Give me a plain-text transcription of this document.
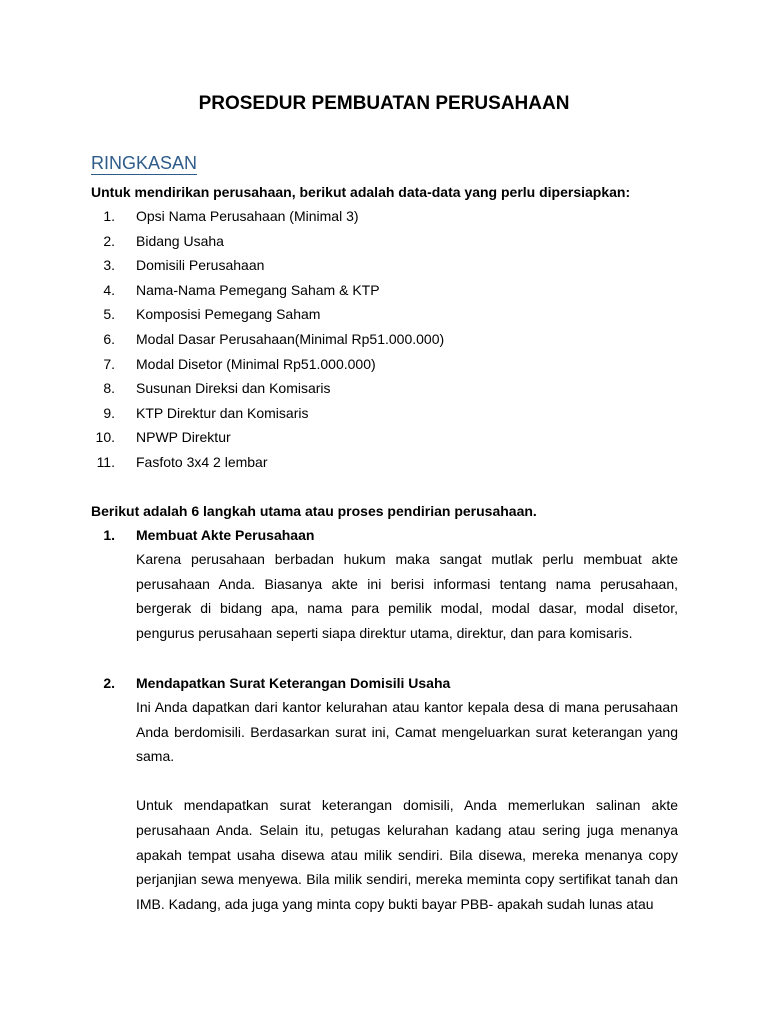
PROSEDUR PEMBUATAN PERUSAHAAN
RINGKASAN
Untuk mendirikan perusahaan, berikut adalah data-data yang perlu dipersiapkan:
1. Opsi Nama Perusahaan (Minimal 3)
2. Bidang Usaha
3. Domisili Perusahaan
4. Nama-Nama Pemegang Saham & KTP
5. Komposisi Pemegang Saham
6. Modal Dasar Perusahaan(Minimal Rp51.000.000)
7. Modal Disetor (Minimal Rp51.000.000)
8. Susunan Direksi dan Komisaris
9. KTP Direktur dan Komisaris
10. NPWP Direktur
11. Fasfoto 3x4 2 lembar
Berikut adalah 6 langkah utama atau proses pendirian perusahaan.
1. Membuat Akte Perusahaan

Karena perusahaan berbadan hukum maka sangat mutlak perlu membuat akte perusahaan Anda. Biasanya akte ini berisi informasi tentang nama perusahaan, bergerak di bidang apa, nama para pemilik modal, modal dasar, modal disetor, pengurus perusahaan seperti siapa direktur utama, direktur, dan para komisaris.

2. Mendapatkan Surat Keterangan Domisili Usaha

Ini Anda dapatkan dari kantor kelurahan atau kantor kepala desa di mana perusahaan Anda berdomisili. Berdasarkan surat ini, Camat mengeluarkan surat keterangan yang sama.

Untuk mendapatkan surat keterangan domisili, Anda memerlukan salinan akte perusahaan Anda. Selain itu, petugas kelurahan kadang atau sering juga menanya apakah tempat usaha disewa atau milik sendiri. Bila disewa, mereka menanya copy perjanjian sewa menyewa. Bila milik sendiri, mereka meminta copy sertifikat tanah dan IMB. Kadang, ada juga yang minta copy bukti bayar PBB- apakah sudah lunas atau
